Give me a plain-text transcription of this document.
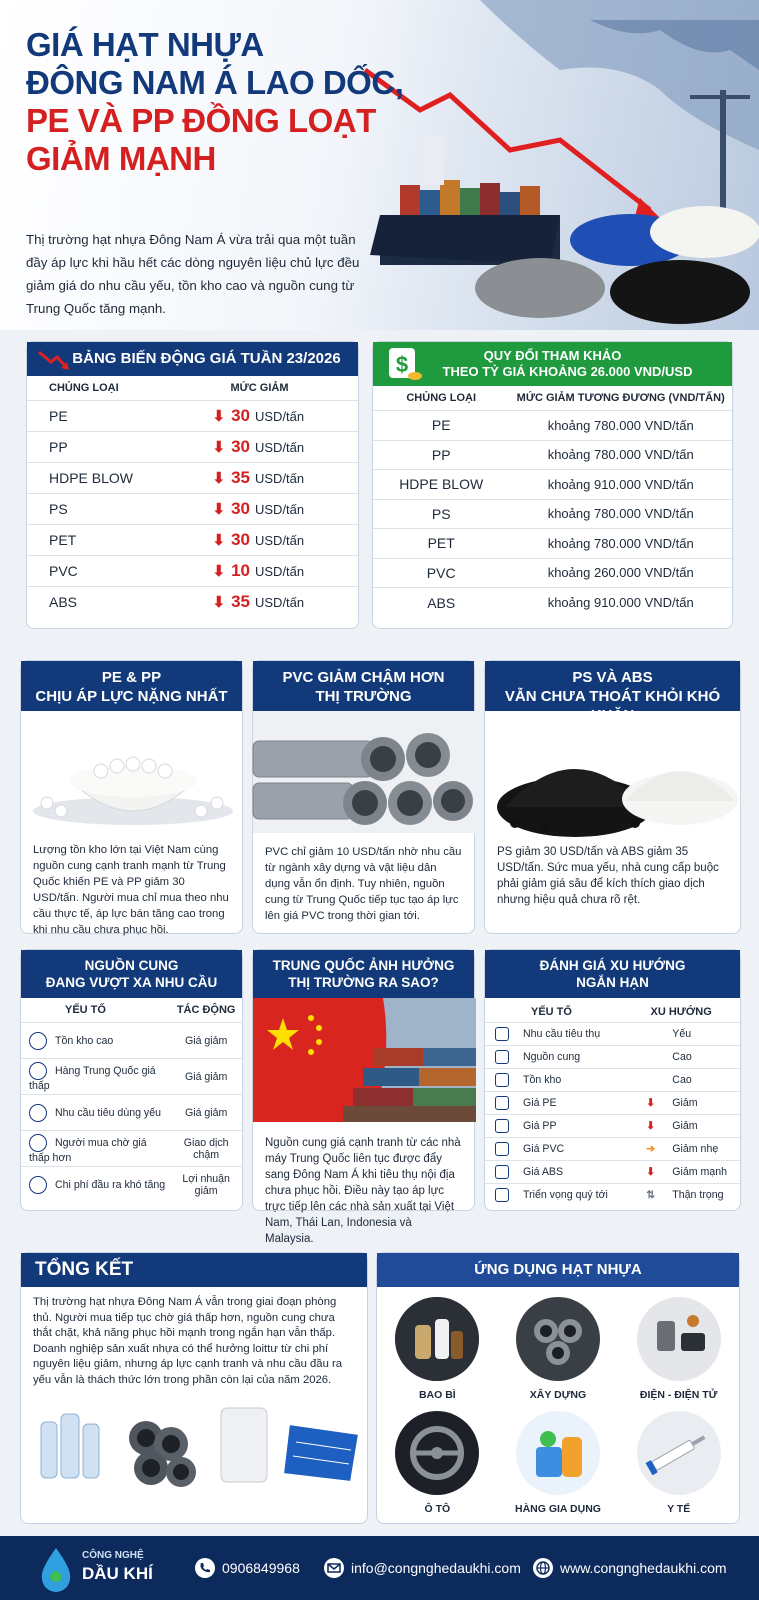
GIÁ HẠT NHỰA
ĐÔNG NAM Á LAO DỐC,
PE VÀ PP ĐỒNG LOẠT
GIẢM MẠNH
Thị trường hạt nhựa Đông Nam Á vừa trải qua một tuần đầy áp lực khi hầu hết các dòng nguyên liệu chủ lực đều giảm giá do nhu cầu yếu, tồn kho cao và nguồn cung từ Trung Quốc tăng mạnh.
BẢNG BIẾN ĐỘNG GIÁ TUẦN 23/2026
CHỦNG LOẠI	MỨC GIẢM
PE	⬇ 30 USD/tấn
PP	⬇ 30 USD/tấn
HDPE BLOW	⬇ 35 USD/tấn
PS	⬇ 30 USD/tấn
PET	⬇ 30 USD/tấn
PVC	⬇ 10 USD/tấn
ABS	⬇ 35 USD/tấn
$	QUY ĐỔI THAM KHẢO
THEO TỶ GIÁ KHOẢNG 26.000 VND/USD
CHỦNG LOẠI	MỨC GIẢM TƯƠNG ĐƯƠNG (VND/TẤN)
PE	khoảng 780.000 VND/tấn
PP	khoảng 780.000 VND/tấn
HDPE BLOW	khoảng 910.000 VND/tấn
PS	khoảng 780.000 VND/tấn
PET	khoảng 780.000 VND/tấn
PVC	khoảng 260.000 VND/tấn
ABS	khoảng 910.000 VND/tấn
PE & PP
CHỊU ÁP LỰC NẶNG NHẤT
Lượng tồn kho lớn tại Việt Nam cùng nguồn cung cạnh tranh mạnh từ Trung Quốc khiến PE và PP giảm 30 USD/tấn. Người mua chỉ mua theo nhu cầu thực tế, áp lực bán tăng cao trong khi nhu cầu chưa phục hồi.
PVC GIẢM CHẬM HƠN
THỊ TRƯỜNG
PVC chỉ giảm 10 USD/tấn nhờ nhu cầu từ ngành xây dựng và vật liệu dân dụng vẫn ổn định. Tuy nhiên, nguồn cung từ Trung Quốc tiếp tục tạo áp lực lên giá PVC trong thời gian tới.
PS VÀ ABS
VẪN CHƯA THOÁT KHỎI KHÓ KHĂN
PS giảm 30 USD/tấn và ABS giảm 35 USD/tấn. Sức mua yếu, nhà cung cấp buộc phải giảm giá sâu để kích thích giao dịch nhưng hiệu quả chưa rõ rệt.
NGUỒN CUNG
ĐANG VƯỢT XA NHU CẦU
YẾU TỐ	TÁC ĐỘNG
Tồn kho cao	Giá giảm
Hàng Trung Quốc giá thấp	Giá giảm
Nhu cầu tiêu dùng yếu	Giá giảm
Người mua chờ giá thấp hơn	Giao dịch chậm
Chi phí đầu ra khó tăng	Lợi nhuận giảm
TRUNG QUỐC ẢNH HƯỞNG
THỊ TRƯỜNG RA SAO?
Nguồn cung giá cạnh tranh từ các nhà máy Trung Quốc liên tục được đẩy sang Đông Nam Á khi tiêu thụ nội địa chưa phục hồi. Điều này tạo áp lực trực tiếp lên các nhà sản xuất tại Việt Nam, Thái Lan, Indonesia và Malaysia.
ĐÁNH GIÁ XU HƯỚNG
NGẮN HẠN
YẾU TỐ	XU HƯỚNG
Nhu cầu tiêu thụ	Yếu
Nguồn cung	Cao
Tồn kho	Cao
Giá PE	⬇ Giảm
Giá PP	⬇ Giảm
Giá PVC	➔ Giảm nhẹ
Giá ABS	⬇ Giảm mạnh
Triển vọng quý tới	⇅ Thận trọng
TỔNG KẾT
Thị trường hạt nhựa Đông Nam Á vẫn trong giai đoạn phòng thủ. Người mua tiếp tục chờ giá thấp hơn, nguồn cung chưa thắt chặt, khả năng phục hồi mạnh trong ngắn hạn vẫn thấp.
Doanh nghiệp sản xuất nhựa có thể hưởng loittư từ chi phí nguyên liệu giảm, nhưng áp lực cạnh tranh và nhu cầu đầu ra yếu vẫn là thách thức lớn trong phần còn lại của năm 2026.
ỨNG DỤNG HẠT NHỰA
BAO BÌ	XÂY DỰNG	ĐIỆN - ĐIỆN TỬ
Ô TÔ	HÀNG GIA DỤNG	Y TẾ
CÔNG NGHỆ
DẦU KHÍ	0906849968	info@congnghedaukhi.com	www.congnghedaukhi.com
